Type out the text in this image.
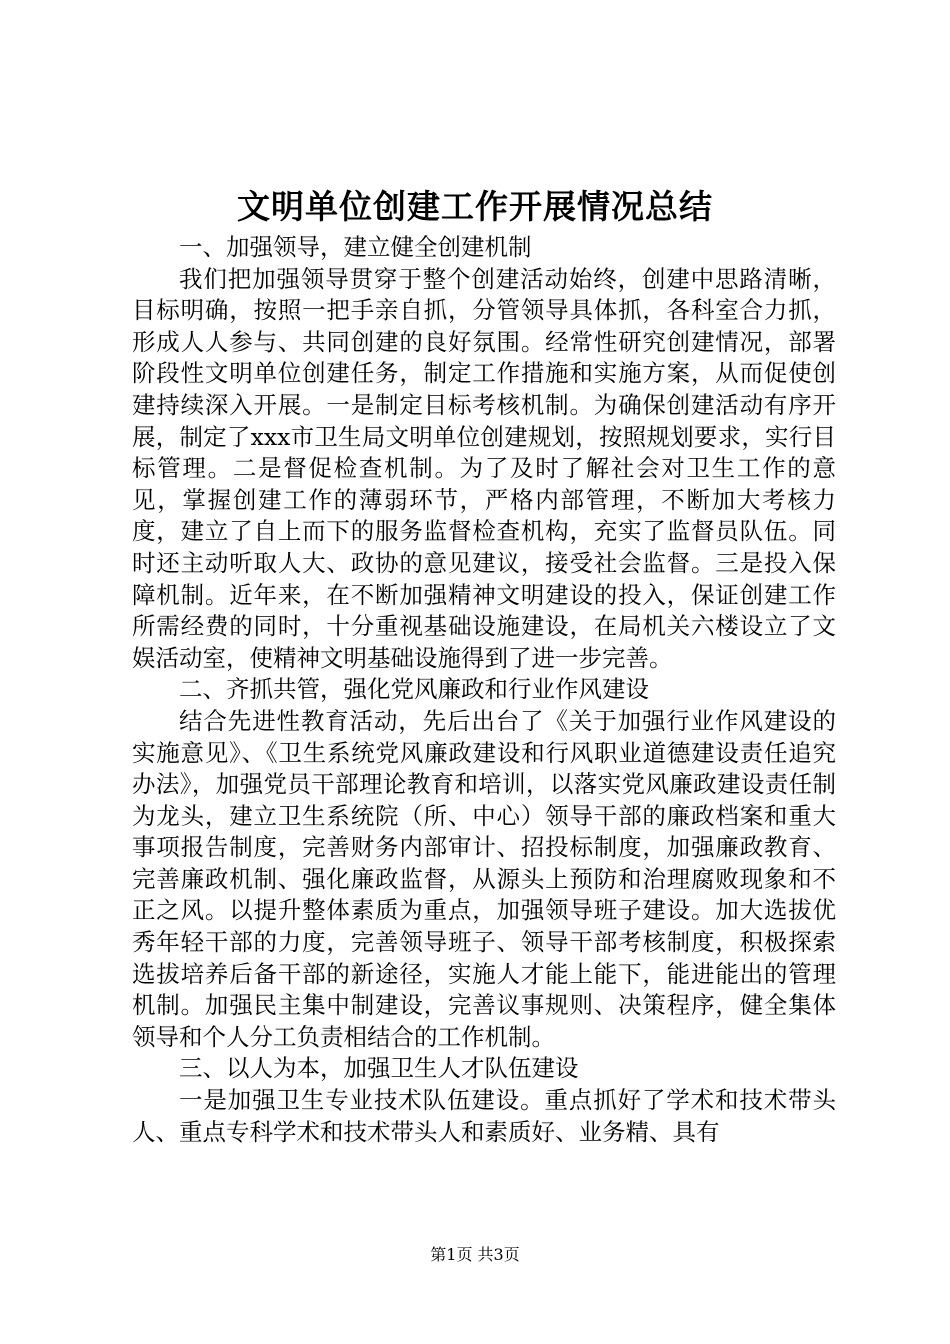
文明单位创建工作开展情况总结

一、加强领导，建立健全创建机制

我们把加强领导贯穿于整个创建活动始终，创建中思路清晰，目标明确，按照一把手亲自抓，分管领导具体抓，各科室合力抓，形成人人参与、共同创建的良好氛围。经常性研究创建情况，部署阶段性文明单位创建任务，制定工作措施和实施方案，从而促使创建持续深入开展。一是制定目标考核机制。为确保创建活动有序开展，制定了xxx市卫生局文明单位创建规划，按照规划要求，实行目标管理。二是督促检查机制。为了及时了解社会对卫生工作的意见，掌握创建工作的薄弱环节，严格内部管理，不断加大考核力度，建立了自上而下的服务监督检查机构，充实了监督员队伍。同时还主动听取人大、政协的意见建议，接受社会监督。三是投入保障机制。近年来，在不断加强精神文明建设的投入，保证创建工作所需经费的同时，十分重视基础设施建设，在局机关六楼设立了文娱活动室，使精神文明基础设施得到了进一步完善。

二、齐抓共管，强化党风廉政和行业作风建设

结合先进性教育活动，先后出台了《关于加强行业作风建设的实施意见》、《卫生系统党风廉政建设和行风职业道德建设责任追究办法》，加强党员干部理论教育和培训，以落实党风廉政建设责任制为龙头，建立卫生系统院（所、中心）领导干部的廉政档案和重大事项报告制度，完善财务内部审计、招投标制度，加强廉政教育、完善廉政机制、强化廉政监督，从源头上预防和治理腐败现象和不正之风。以提升整体素质为重点，加强领导班子建设。加大选拔优秀年轻干部的力度，完善领导班子、领导干部考核制度，积极探索选拔培养后备干部的新途径，实施人才能上能下，能进能出的管理机制。加强民主集中制建设，完善议事规则、决策程序，健全集体领导和个人分工负责相结合的工作机制。

三、以人为本，加强卫生人才队伍建设

一是加强卫生专业技术队伍建设。重点抓好了学术和技术带头人、重点专科学术和技术带头人和素质好、业务精、具有

第1页 共3页
